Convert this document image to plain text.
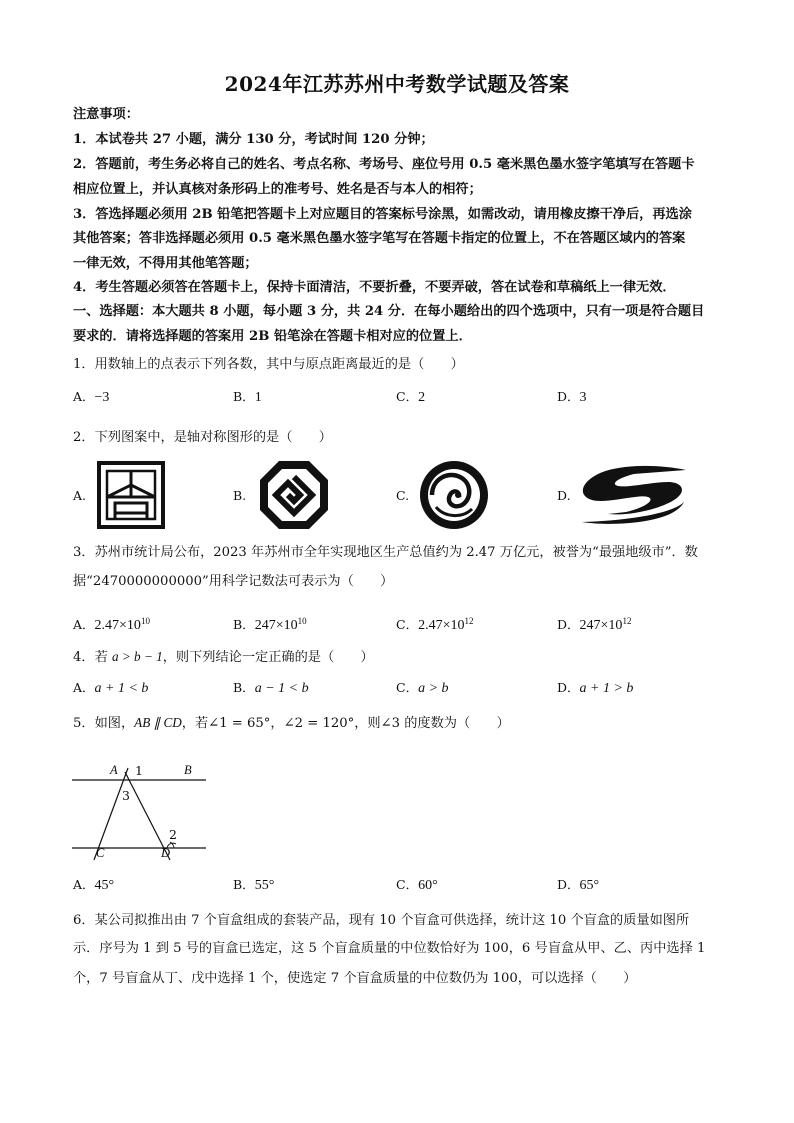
2024年江苏苏州中考数学试题及答案
注意事项：
1．本试卷共 27 小题，满分 130 分，考试时间 120 分钟；
2．答题前，考生务必将自己的姓名、考点名称、考场号、座位号用 0.5 毫米黑色墨水签字笔填写在答题卡
相应位置上，并认真核对条形码上的准考号、姓名是否与本人的相符；
3．答选择题必须用 2B 铅笔把答题卡上对应题目的答案标号涂黑，如需改动，请用橡皮擦干净后，再选涂
其他答案；答非选择题必须用 0.5 毫米黑色墨水签字笔写在答题卡指定的位置上，不在答题区域内的答案
一律无效，不得用其他笔答题；
4．考生答题必须答在答题卡上，保持卡面清洁，不要折叠，不要弄破，答在试卷和草稿纸上一律无效．
一、选择题：本大题共 8 小题，每小题 3 分，共 24 分．在每小题给出的四个选项中，只有一项是符合题目
要求的．请将选择题的答案用 2B 铅笔涂在答题卡相对应的位置上．
1．用数轴上的点表示下列各数，其中与原点距离最近的是（　　）
A．−3	B．1	C．2	D．3
2．下列图案中，是轴对称图形的是（　　）
A.	B.	C.	D.
3．苏州市统计局公布，2023 年苏州市全年实现地区生产总值约为 2.47 万亿元，被誉为“最强地级市”．数
据“2470000000000”用科学记数法可表示为（　　）
A．$2.47\times 10^{10}$	B．$247\times 10^{10}$	C．$2.47\times 10^{12}$	D．$247\times 10^{12}$
4．若 a > b − 1，则下列结论一定正确的是（　　）
A．a + 1 < b	B．a − 1 < b	C．a > b	D．a + 1 > b
5．如图，AB ∥ CD，若∠1 = 65°，∠2 = 120°，则∠3 的度数为（　　）
A 1	B
3
2
C	D
A．45°	B．55°	C．60°	D．65°
6．某公司拟推出由 7 个盲盒组成的套装产品，现有 10 个盲盒可供选择，统计这 10 个盲盒的质量如图所
示．序号为 1 到 5 号的盲盒已选定，这 5 个盲盒质量的中位数恰好为 100，6 号盲盒从甲、乙、丙中选择 1
个，7 号盲盒从丁、戊中选择 1 个，使选定 7 个盲盒质量的中位数仍为 100，可以选择（　　）
